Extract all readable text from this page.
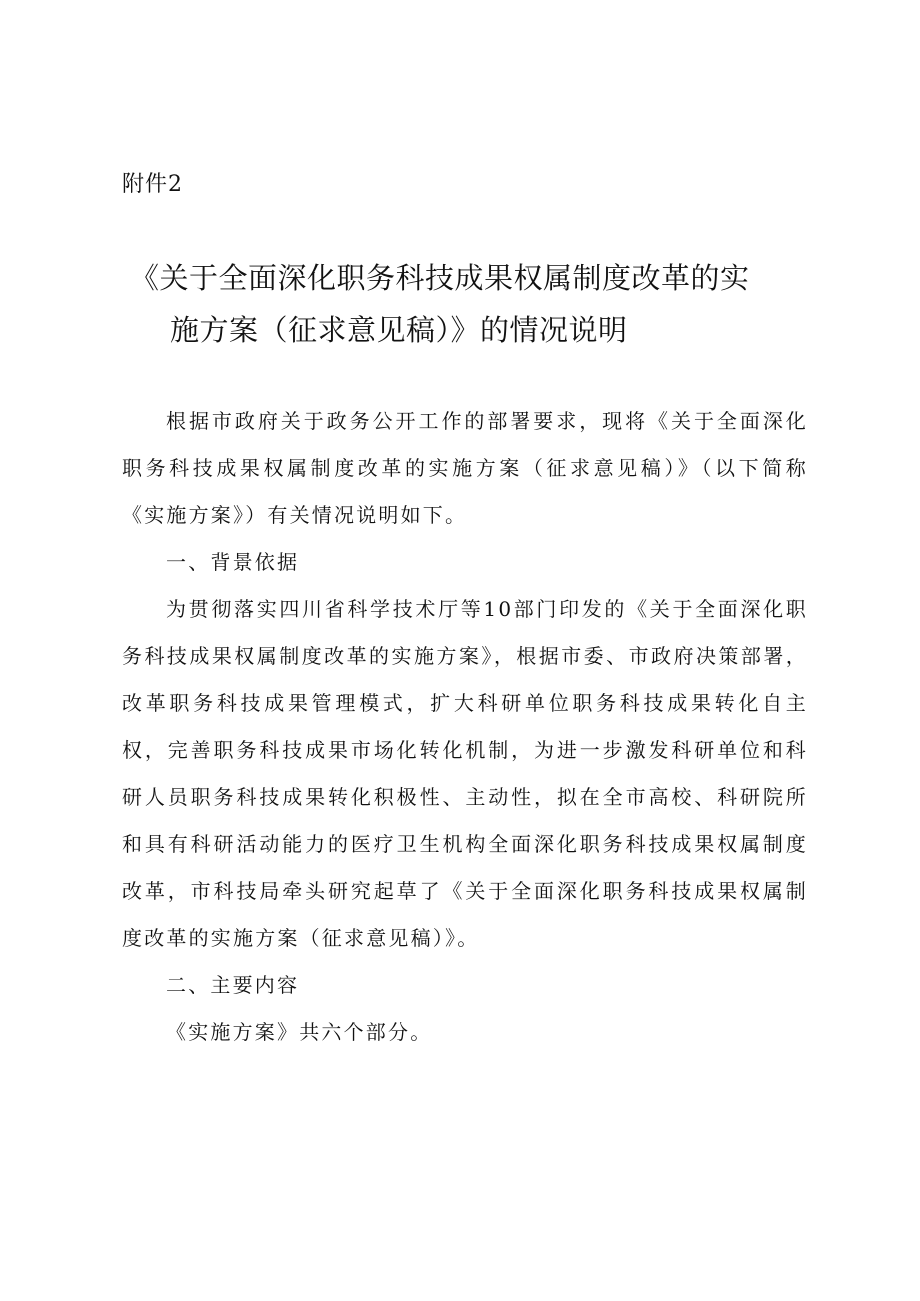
附件2
《关于全面深化职务科技成果权属制度改革的实
施方案（征求意见稿）》的情况说明

根据市政府关于政务公开工作的部署要求，现将《关于全面深化职务科技成果权属制度改革的实施方案（征求意见稿）》（以下简称《实施方案》）有关情况说明如下。

一、背景依据

为贯彻落实四川省科学技术厅等10部门印发的《关于全面深化职务科技成果权属制度改革的实施方案》，根据市委、市政府决策部署，改革职务科技成果管理模式，扩大科研单位职务科技成果转化自主权，完善职务科技成果市场化转化机制，为进一步激发科研单位和科研人员职务科技成果转化积极性、主动性，拟在全市高校、科研院所和具有科研活动能力的医疗卫生机构全面深化职务科技成果权属制度改革，市科技局牵头研究起草了《关于全面深化职务科技成果权属制度改革的实施方案（征求意见稿）》。

二、主要内容

《实施方案》共六个部分。
